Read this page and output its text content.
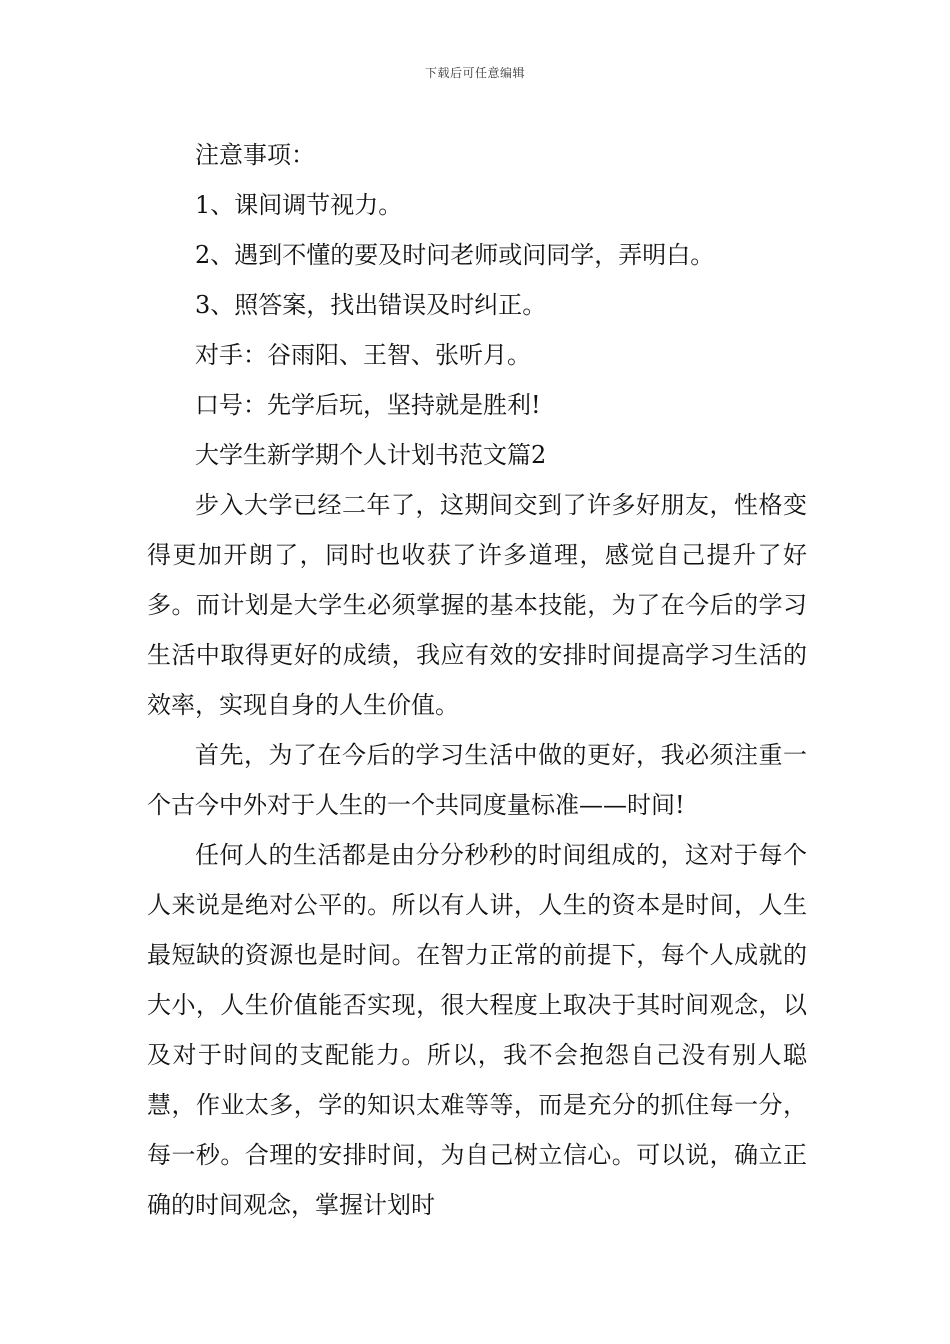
下载后可任意编辑
注意事项：
1、课间调节视力。
2、遇到不懂的要及时问老师或问同学，弄明白。
3、照答案，找出错误及时纠正。
对手：谷雨阳、王智、张听月。
口号：先学后玩，坚持就是胜利!
大学生新学期个人计划书范文篇2

步入大学已经二年了，这期间交到了许多好朋友，性格变得更加开朗了，同时也收获了许多道理，感觉自己提升了好多。而计划是大学生必须掌握的基本技能，为了在今后的学习生活中取得更好的成绩，我应有效的安排时间提高学习生活的效率，实现自身的人生价值。

首先，为了在今后的学习生活中做的更好，我必须注重一个古今中外对于人生的一个共同度量标准——时间!

任何人的生活都是由分分秒秒的时间组成的，这对于每个人来说是绝对公平的。所以有人讲，人生的资本是时间，人生最短缺的资源也是时间。在智力正常的前提下，每个人成就的大小，人生价值能否实现，很大程度上取决于其时间观念，以及对于时间的支配能力。所以，我不会抱怨自己没有别人聪慧，作业太多，学的知识太难等等，而是充分的抓住每一分，每一秒。合理的安排时间，为自己树立信心。可以说，确立正确的时间观念，掌握计划时
